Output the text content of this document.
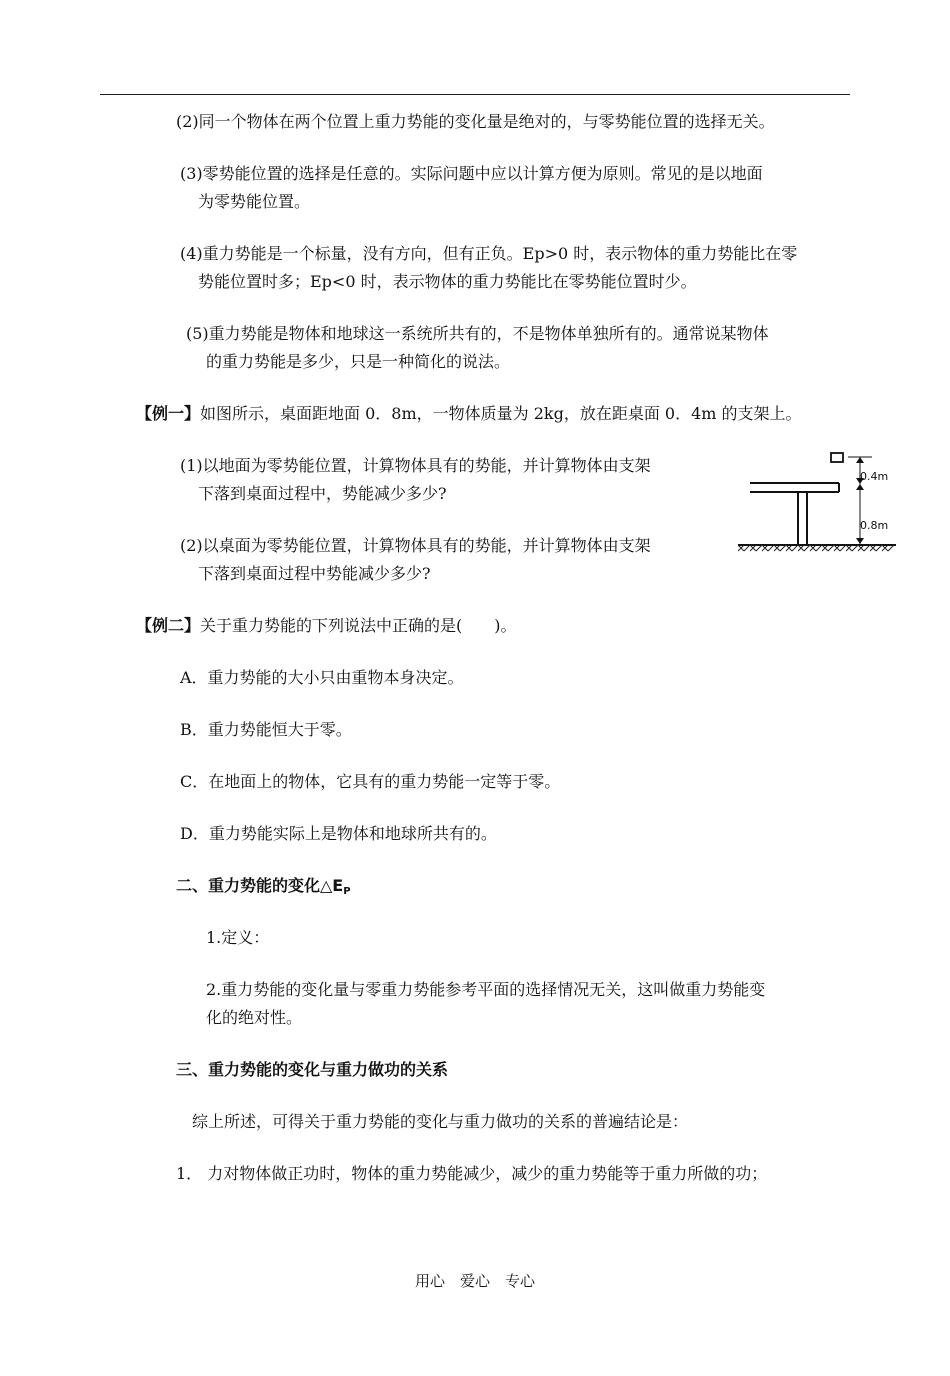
(2)同一个物体在两个位置上重力势能的变化量是绝对的，与零势能位置的选择无关。
(3)零势能位置的选择是任意的。实际问题中应以计算方便为原则。常见的是以地面
为零势能位置。
(4)重力势能是一个标量，没有方向，但有正负。Ep>0 时，表示物体的重力势能比在零
势能位置时多；Ep<0 时，表示物体的重力势能比在零势能位置时少。
(5)重力势能是物体和地球这一系统所共有的，不是物体单独所有的。通常说某物体
的重力势能是多少，只是一种简化的说法。
【例一】如图所示，桌面距地面 0．8m，一物体质量为 2kg，放在距桌面 0．4m 的支架上。
(1)以地面为零势能位置，计算物体具有的势能，并计算物体由支架
下落到桌面过程中，势能减少多少?
(2)以桌面为零势能位置，计算物体具有的势能，并计算物体由支架
下落到桌面过程中势能减少多少?
0.4m
0.8m
【例二】关于重力势能的下列说法中正确的是(　　)。
A．重力势能的大小只由重物本身决定。
B．重力势能恒大于零。
C．在地面上的物体，它具有的重力势能一定等于零。
D．重力势能实际上是物体和地球所共有的。
二、重力势能的变化$\triangle E_P$
1.定义：
2.重力势能的变化量与零重力势能参考平面的选择情况无关，这叫做重力势能变
化的绝对性。
三、重力势能的变化与重力做功的关系
综上所述，可得关于重力势能的变化与重力做功的关系的普遍结论是：
1． 力对物体做正功时，物体的重力势能减少，减少的重力势能等于重力所做的功；
用心　爱心　专心
